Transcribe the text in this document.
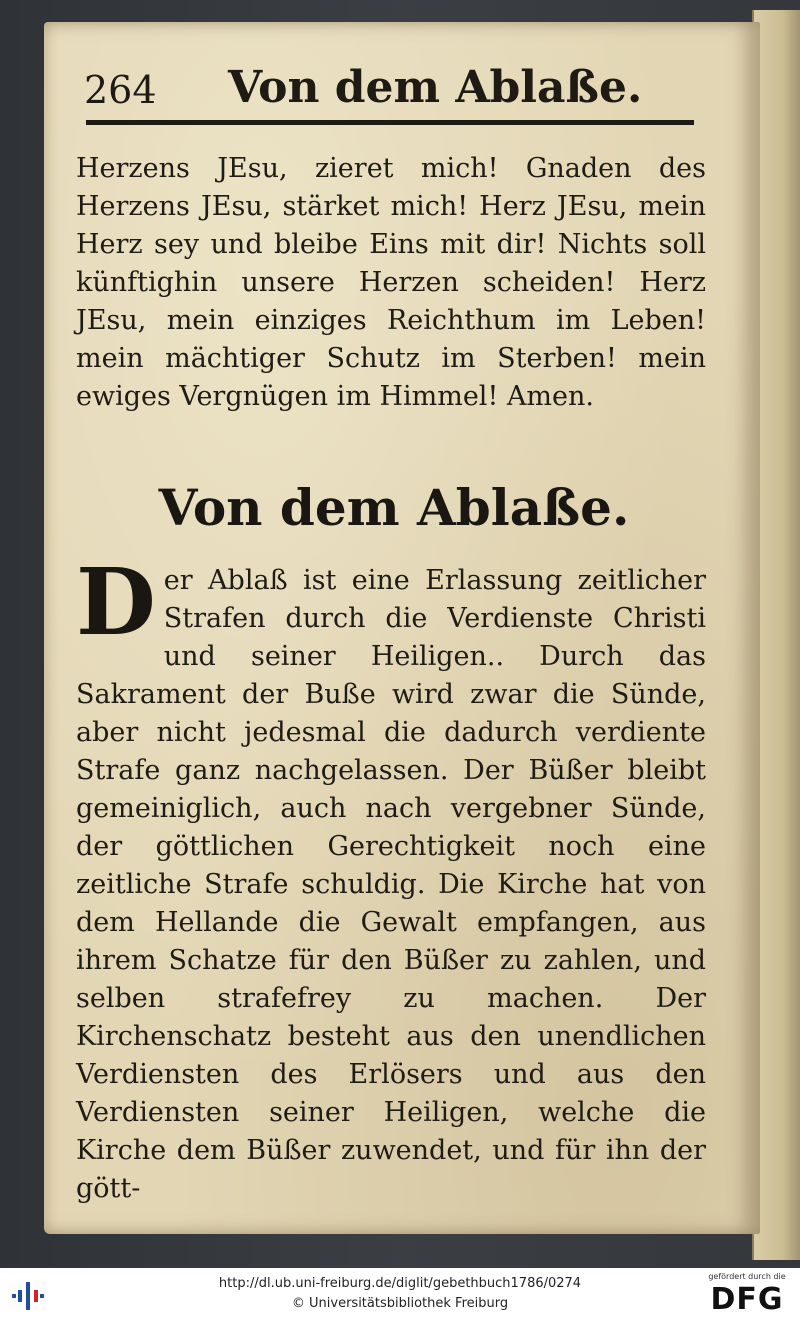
264 Von dem Ablaße.
Herzens JEsu, zieret mich! Gnaden des Herzens JEsu, stärket mich! Herz JEsu, mein Herz sey und bleibe Eins mit dir! Nichts soll künftighin unsere Herzen scheiden! Herz JEsu, mein einziges Reichthum im Leben! mein mächtiger Schutz im Sterben! mein ewiges Vergnügen im Himmel! Amen.
Von dem Ablaße.
Der Ablaß ist eine Erlassung zeitlicher Strafen durch die Verdienste Christi und seiner Heiligen.. Durch das Sakrament der Buße wird zwar die Sünde, aber nicht jedesmal die dadurch verdiente Strafe ganz nachgelassen. Der Büßer bleibt gemeiniglich, auch nach vergebner Sünde, der göttlichen Gerechtigkeit noch eine zeitliche Strafe schuldig. Die Kirche hat von dem Hellande die Gewalt empfangen, aus ihrem Schatze für den Büßer zu zahlen, und selben strafefrey zu machen. Der Kirchenschatz besteht aus den unendlichen Verdiensten des Erlösers und aus den Verdiensten seiner Heiligen, welche die Kirche dem Büßer zuwendet, und für ihn der gött-
http://dl.ub.uni-freiburg.de/diglit/gebethbuch1786/0274
© Universitätsbibliothek Freiburg
gefördert durch die
DFG
